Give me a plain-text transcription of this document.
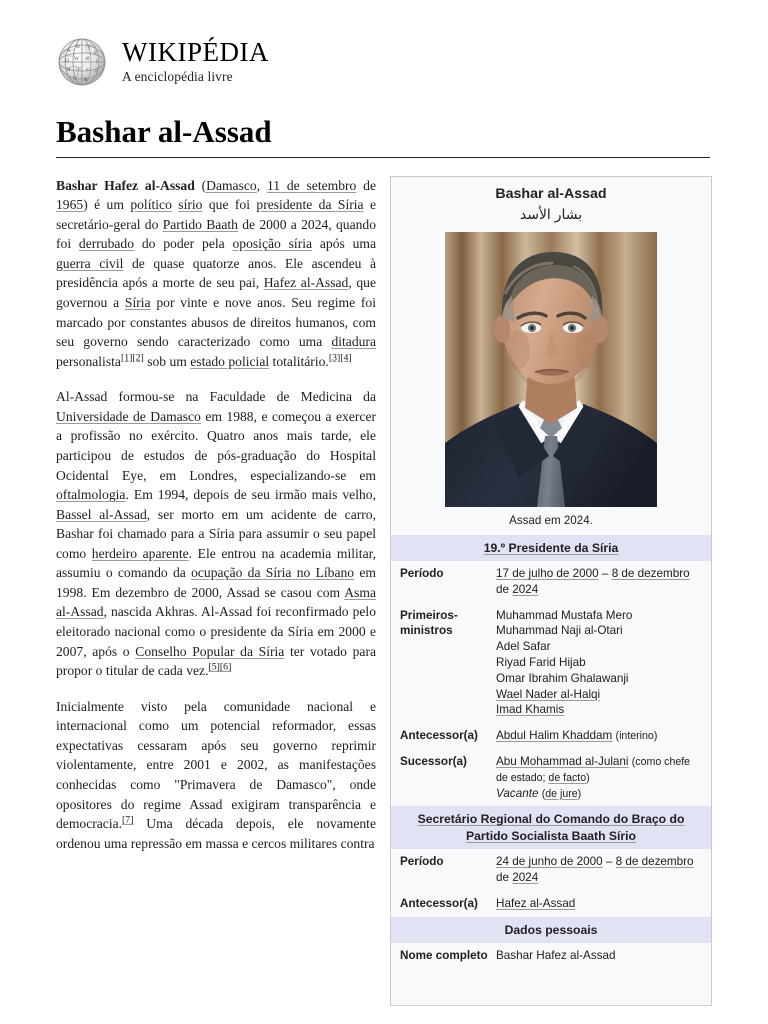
A
И 字
ש
Ω W अ ト
Я 字 π ك
א Ж
WIKIPÉDIA
A enciclopédia livre
Bashar al-Assad

Bashar Hafez al-Assad (Damasco, 11 de setembro de 1965) é um político sírio que foi presidente da Síria e secretário-geral do Partido Baath de 2000 a 2024, quando foi derrubado do poder pela oposição síria após uma guerra civil de quase quatorze anos. Ele ascendeu à presidência após a morte de seu pai, Hafez al-Assad, que governou a Síria por vinte e nove anos. Seu regime foi marcado por constantes abusos de direitos humanos, com seu governo sendo caracterizado como uma ditadura personalista[1][2] sob um estado policial totalitário.[3][4]

Al-Assad formou-se na Faculdade de Medicina da Universidade de Damasco em 1988, e começou a exercer a profissão no exército. Quatro anos mais tarde, ele participou de estudos de pós-graduação do Hospital Ocidental Eye, em Londres, especializando-se em oftalmologia. Em 1994, depois de seu irmão mais velho, Bassel al-Assad, ser morto em um acidente de carro, Bashar foi chamado para a Síria para assumir o seu papel como herdeiro aparente. Ele entrou na academia militar, assumiu o comando da ocupação da Síria no Líbano em 1998. Em dezembro de 2000, Assad se casou com Asma al-Assad, nascida Akhras. Al-Assad foi reconfirmado pelo eleitorado nacional como o presidente da Síria em 2000 e 2007, após o Conselho Popular da Síria ter votado para propor o titular de cada vez.[5][6]

Inicialmente visto pela comunidade nacional e internacional como um potencial reformador, essas expectativas cessaram após seu governo reprimir violentamente, entre 2001 e 2002, as manifestações conhecidas como "Primavera de Damasco", onde opositores do regime Assad exigiram transparência e democracia.[7] Uma década depois, ele novamente ordenou uma repressão em massa e cercos militares contra

Bashar al-Assad
بشار الأسد
Assad em 2024.
19.º Presidente da Síria
Período	17 de julho de 2000 – 8 de dezembro de 2024
Primeiros-ministros
Muhammad Mustafa Mero
Muhammad Naji al-Otari
Adel Safar
Riyad Farid Hijab
Omar Ibrahim Ghalawanji
Wael Nader al-Halqi
Imad Khamis
Antecessor(a)	Abdul Halim Khaddam (interino)
Sucessor(a)	Abu Mohammad al-Julani (como chefe de estado; de facto)
Vacante (de jure)
Secretário Regional do Comando do Braço do Partido Socialista Baath Sírio
Período	24 de junho de 2000 – 8 de dezembro de 2024
Antecessor(a)	Hafez al-Assad
Dados pessoais
Nome completo Bashar Hafez al-Assad
